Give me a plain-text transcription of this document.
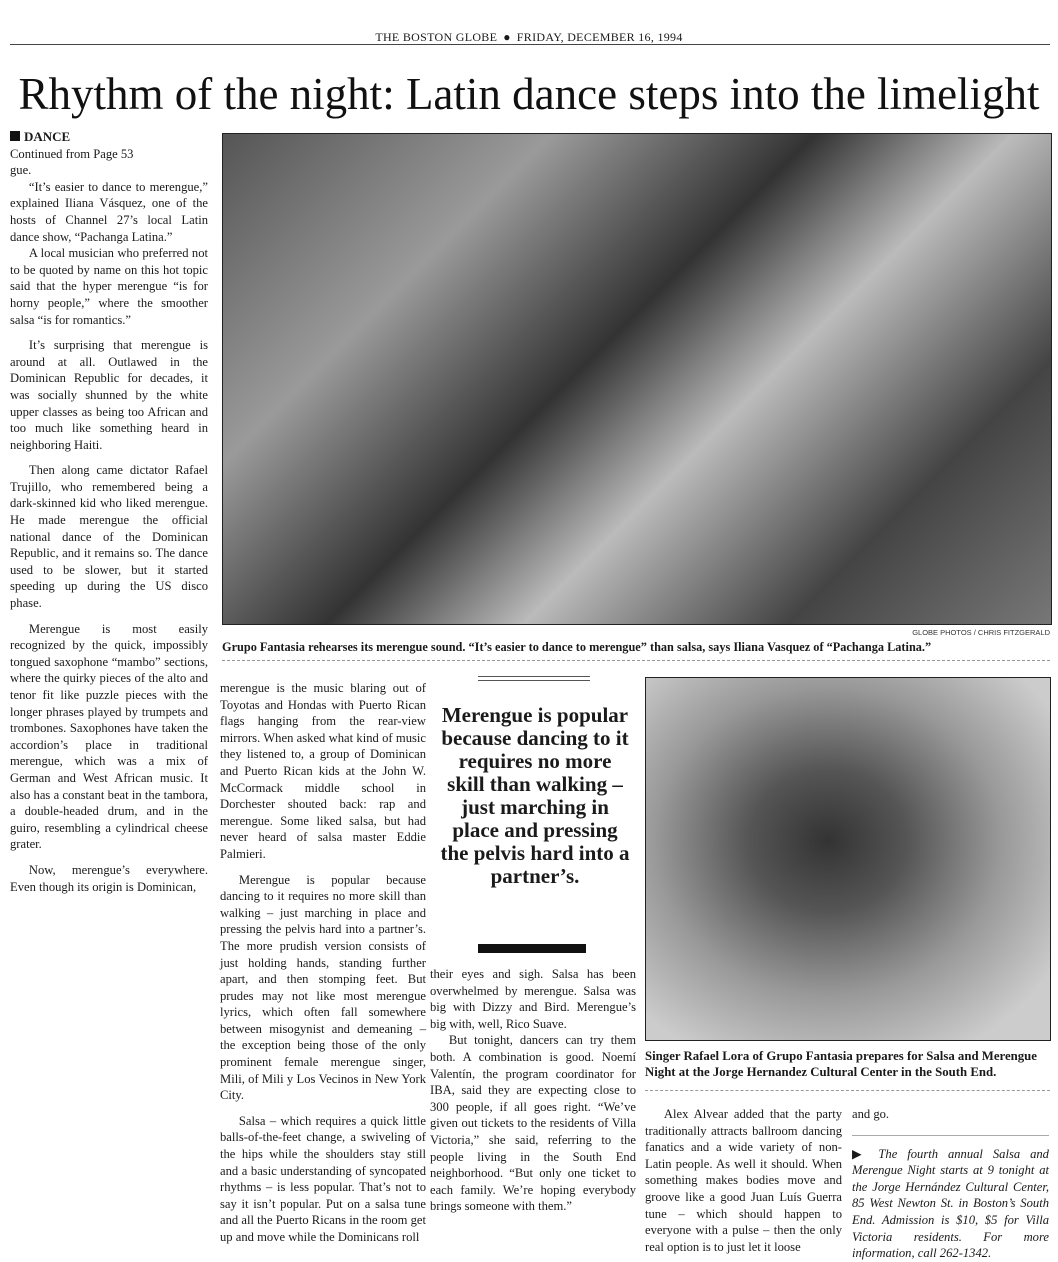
THE BOSTON GLOBE ● FRIDAY, DECEMBER 16, 1994
Rhythm of the night: Latin dance steps into the limelight
DANCE

Continued from Page 53

gue.

“It’s easier to dance to merengue,” explained Iliana Vásquez, one of the hosts of Channel 27’s local Latin dance show, “Pachanga Latina.”

A local musician who preferred not to be quoted by name on this hot topic said that the hyper merengue “is for horny people,” where the smoother salsa “is for romantics.”

It’s surprising that merengue is around at all. Outlawed in the Dominican Republic for decades, it was socially shunned by the white upper classes as being too African and too much like something heard in neighboring Haiti.

Then along came dictator Rafael Trujillo, who remembered being a dark-skinned kid who liked merengue. He made merengue the official national dance of the Dominican Republic, and it remains so. The dance used to be slower, but it started speeding up during the US disco phase.

Merengue is most easily recognized by the quick, impossibly tongued saxophone “mambo” sections, where the quirky pieces of the alto and tenor fit like puzzle pieces with the longer phrases played by trumpets and trombones. Saxophones have taken the accordion’s place in traditional merengue, which was a mix of German and West African music. It also has a constant beat in the tambora, a double-headed drum, and in the guiro, resembling a cylindrical cheese grater.

Now, merengue’s everywhere. Even though its origin is Dominican,

GLOBE PHOTOS / CHRIS FITZGERALD
Grupo Fantasia rehearses its merengue sound. “It’s easier to dance to merengue” than salsa, says Iliana Vasquez of “Pachanga Latina.”

merengue is the music blaring out of Toyotas and Hondas with Puerto Rican flags hanging from the rear-view mirrors. When asked what kind of music they listened to, a group of Dominican and Puerto Rican kids at the John W. McCormack middle school in Dorchester shouted back: rap and merengue. Some liked salsa, but had never heard of salsa master Eddie Palmieri.

Merengue is popular because dancing to it requires no more skill than walking – just marching in place and pressing the pelvis hard into a partner’s. The more prudish version consists of just holding hands, standing further apart, and then stomping feet. But prudes may not like most merengue lyrics, which often fall somewhere between misogynist and demeaning – the exception being those of the only prominent female merengue singer, Mili, of Mili y Los Vecinos in New York City.

Salsa – which requires a quick little balls-of-the-feet change, a swiveling of the hips while the shoulders stay still and a basic understanding of syncopated rhythms – is less popular. That’s not to say it isn’t popular. Put on a salsa tune and all the Puerto Ricans in the room get up and move while the Dominicans roll

Merengue is popular because dancing to it requires no more skill than walking – just marching in place and pressing the pelvis hard into a partner’s.

their eyes and sigh. Salsa has been overwhelmed by merengue. Salsa was big with Dizzy and Bird. Merengue’s big with, well, Rico Suave.

But tonight, dancers can try them both. A combination is good. Noemí Valentín, the program coordinator for IBA, said they are expecting close to 300 people, if all goes right. “We’ve given out tickets to the residents of Villa Victoria,” she said, referring to the people living in the South End neighborhood. “But only one ticket to each family. We’re hoping everybody brings someone with them.”

Singer Rafael Lora of Grupo Fantasia prepares for Salsa and Merengue Night at the Jorge Hernandez Cultural Center in the South End.

Alex Alvear added that the party traditionally attracts ballroom dancing fanatics and a wide variety of non-Latin people. As well it should. When something makes bodies move and groove like a good Juan Luís Guerra tune – which should happen to everyone with a pulse – then the only real option is to just let it loose

and go.

▶ The fourth annual Salsa and Merengue Night starts at 9 tonight at the Jorge Hernández Cultural Center, 85 West Newton St. in Boston’s South End. Admission is $10, $5 for Villa Victoria residents. For more information, call 262-1342.
